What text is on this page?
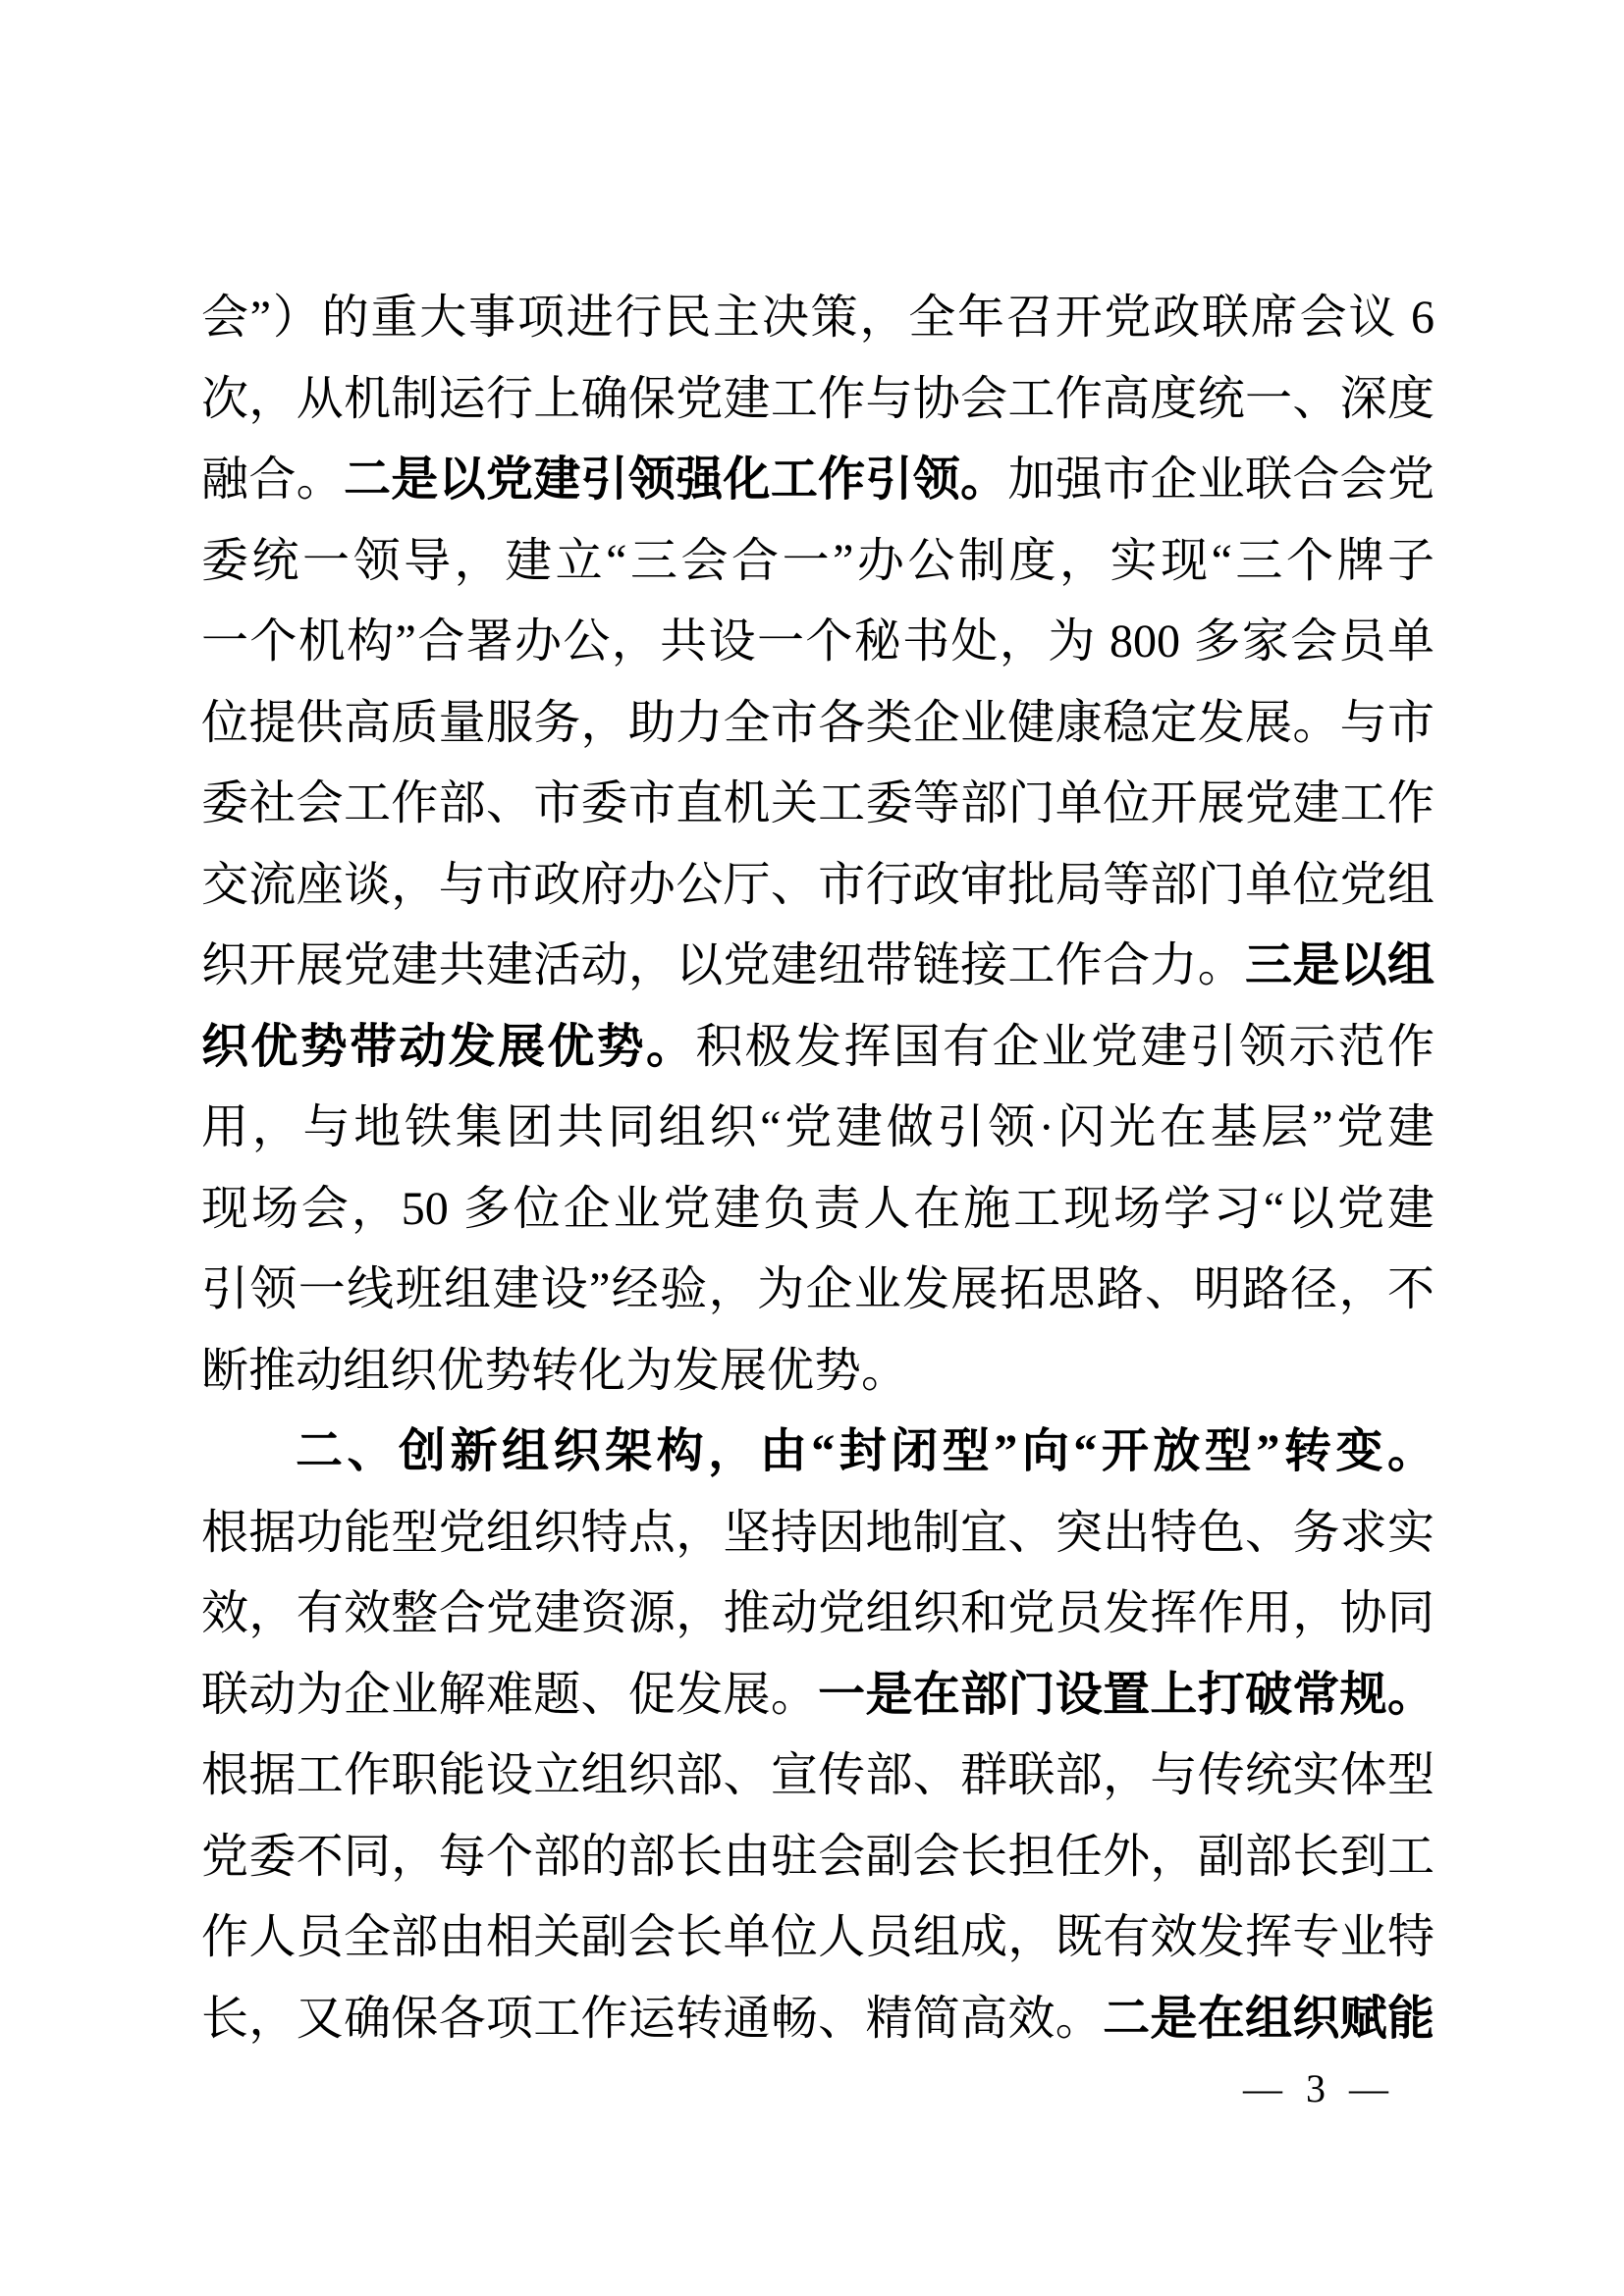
会”）的重大事项进行民主决策，全年召开党政联席会议 6
次，从机制运行上确保党建工作与协会工作高度统一、深度
融合。二是以党建引领强化工作引领。加强市企业联合会党
委统一领导，建立“三会合一”办公制度，实现“三个牌子
一个机构”合署办公，共设一个秘书处，为 800 多家会员单
位提供高质量服务，助力全市各类企业健康稳定发展。与市
委社会工作部、市委市直机关工委等部门单位开展党建工作
交流座谈，与市政府办公厅、市行政审批局等部门单位党组
织开展党建共建活动，以党建纽带链接工作合力。三是以组
织优势带动发展优势。积极发挥国有企业党建引领示范作
用，与地铁集团共同组织“党建做引领·闪光在基层”党建
现场会，50 多位企业党建负责人在施工现场学习“以党建
引领一线班组建设”经验，为企业发展拓思路、明路径，不
断推动组织优势转化为发展优势。
二、创新组织架构，由“封闭型”向“开放型”转变。
根据功能型党组织特点，坚持因地制宜、突出特色、务求实
效，有效整合党建资源，推动党组织和党员发挥作用，协同
联动为企业解难题、促发展。一是在部门设置上打破常规。
根据工作职能设立组织部、宣传部、群联部，与传统实体型
党委不同，每个部的部长由驻会副会长担任外，副部长到工
作人员全部由相关副会长单位人员组成，既有效发挥专业特
长，又确保各项工作运转通畅、精简高效。二是在组织赋能
— 3 —
